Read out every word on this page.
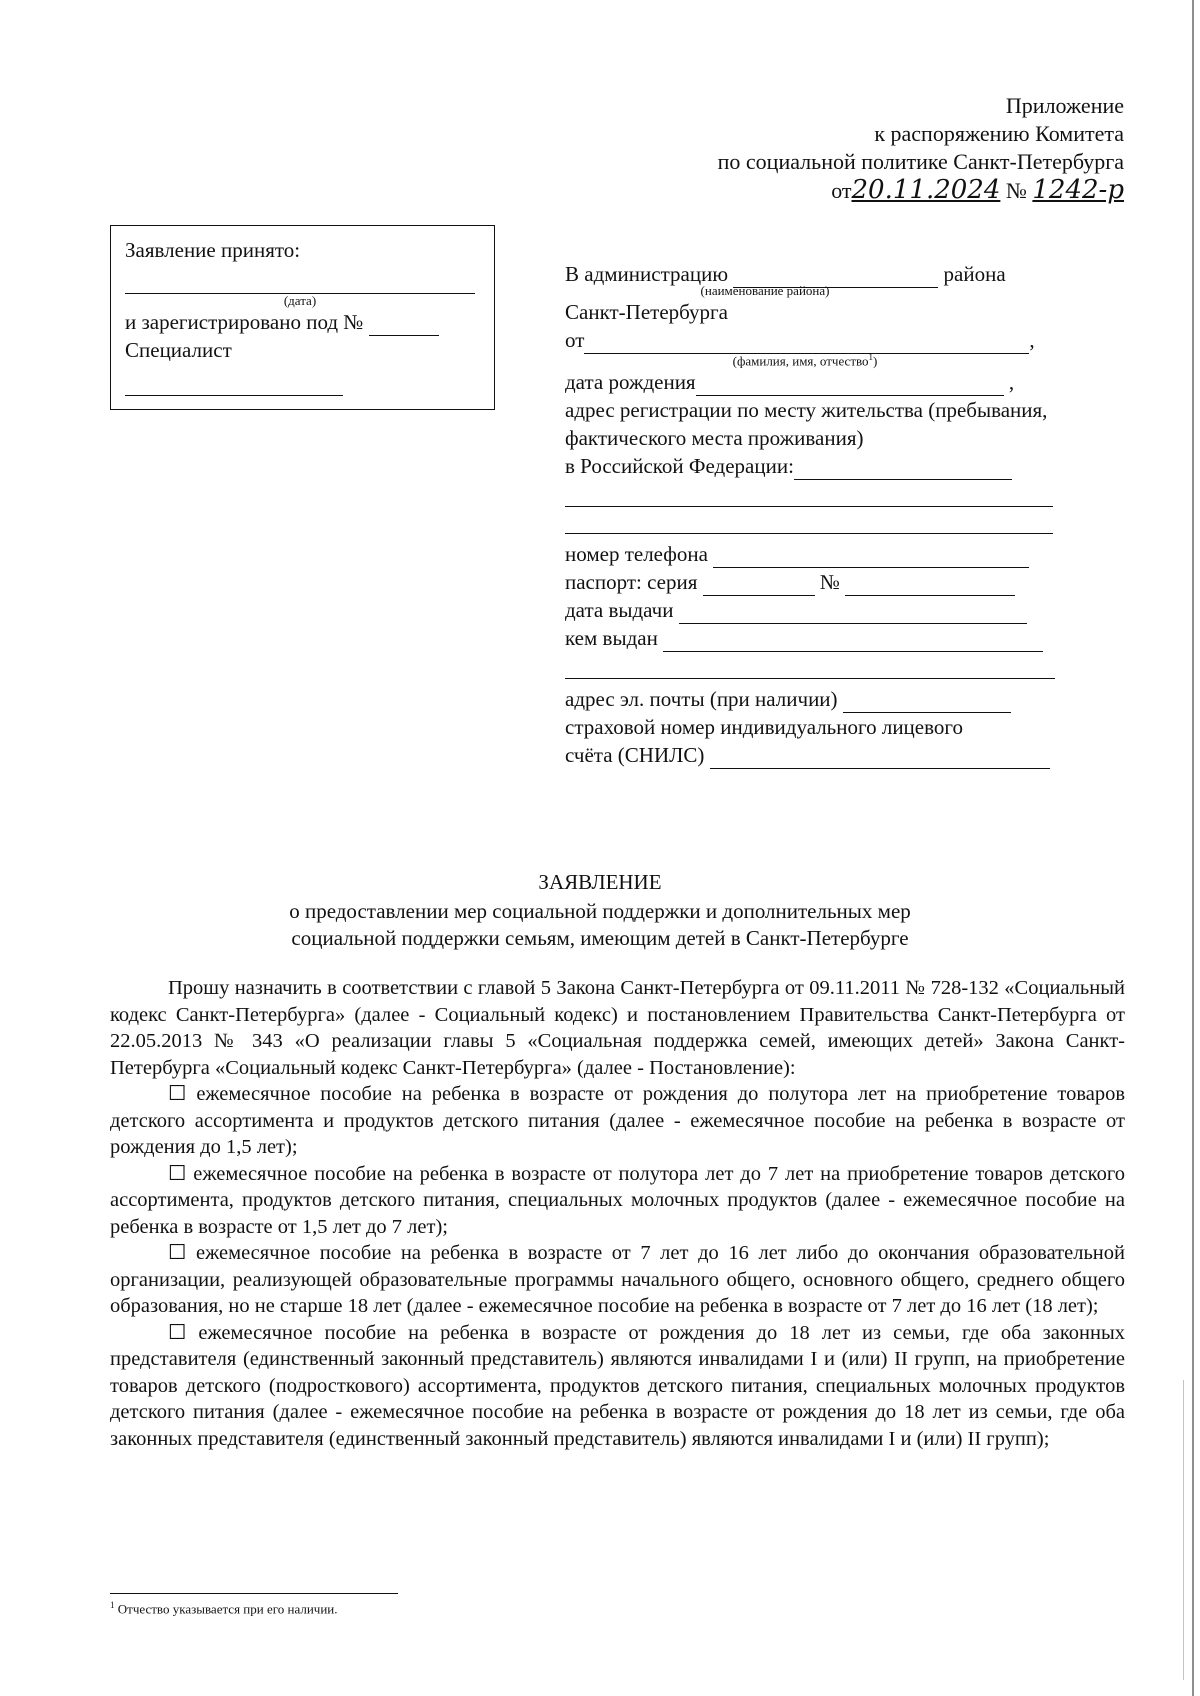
Приложение
к распоряжению Комитета
по социальной политике Санкт-Петербурга
от20.11.2024 № 1242-р
Заявление принято:
(дата)
и зарегистрировано под №
Специалист
В администрацию	района
(наименование района)
Санкт-Петербурга
от	,
(фамилия, имя, отчество$^1$)
дата рождения	,
адрес регистрации по месту жительства (пребывания,
фактического места проживания)
в Российской Федерации:
номер телефона
паспорт: серия	№
дата выдачи
кем выдан
адрес эл. почты (при наличии)
страховой номер индивидуального лицевого
счёта (СНИЛС)
ЗАЯВЛЕНИЕ
о предоставлении мер социальной поддержки и дополнительных мер
социальной поддержки семьям, имеющим детей в Санкт-Петербурге

Прошу назначить в соответствии с главой 5 Закона Санкт-Петербурга от 09.11.2011 № 728-132 «Социальный кодекс Санкт-Петербурга» (далее - Социальный кодекс) и постановлением Правительства Санкт-Петербурга от 22.05.2013 № 343 «О реализации главы 5 «Социальная поддержка семей, имеющих детей» Закона Санкт-Петербурга «Социальный кодекс Санкт-Петербурга» (далее - Постановление):

☐ ежемесячное пособие на ребенка в возрасте от рождения до полутора лет на приобретение товаров детского ассортимента и продуктов детского питания (далее - ежемесячное пособие на ребенка в возрасте от рождения до 1,5 лет);

☐ ежемесячное пособие на ребенка в возрасте от полутора лет до 7 лет на приобретение товаров детского ассортимента, продуктов детского питания, специальных молочных продуктов (далее - ежемесячное пособие на ребенка в возрасте от 1,5 лет до 7 лет);

☐ ежемесячное пособие на ребенка в возрасте от 7 лет до 16 лет либо до окончания образовательной организации, реализующей образовательные программы начального общего, основного общего, среднего общего образования, но не старше 18 лет (далее - ежемесячное пособие на ребенка в возрасте от 7 лет до 16 лет (18 лет);

☐ ежемесячное пособие на ребенка в возрасте от рождения до 18 лет из семьи, где оба законных представителя (единственный законный представитель) являются инвалидами I и (или) II групп, на приобретение товаров детского (подросткового) ассортимента, продуктов детского питания, специальных молочных продуктов детского питания (далее - ежемесячное пособие на ребенка в возрасте от рождения до 18 лет из семьи, где оба законных представителя (единственный законный представитель) являются инвалидами I и (или) II групп);

$^1$ Отчество указывается при его наличии.
